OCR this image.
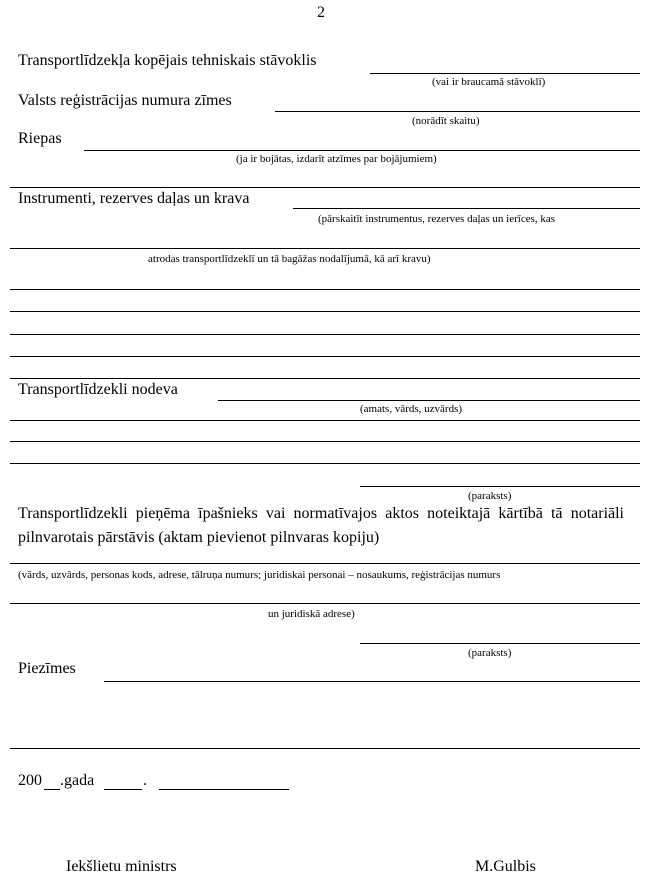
2
Transportlīdzekļa kopējais tehniskais stāvoklis
(vai ir braucamā stāvoklī)
Valsts reģistrācijas numura zīmes
(norādīt skaitu)
Riepas
(ja ir bojātas, izdarīt atzīmes par bojājumiem)
Instrumenti, rezerves daļas un krava
(pārskaitīt instrumentus, rezerves daļas un ierīces, kas
atrodas transportlīdzeklī un tā bagāžas nodalījumā, kā arī kravu)
Transportlīdzekli nodeva
(amats, vārds, uzvārds)
(paraksts)
Transportlīdzekli pieņēma īpašnieks vai normatīvajos aktos noteiktajā kārtībā tā notariāli pilnvarotais pārstāvis (aktam pievienot pilnvaras kopiju)
(vārds, uzvārds, personas kods, adrese, tālruņa numurs; juridiskai personai – nosaukums, reģistrācijas numurs
un juridiskā adrese)
(paraksts)
Piezīmes
200 .gada	.
Iekšlietu ministrs	M.Gulbis
